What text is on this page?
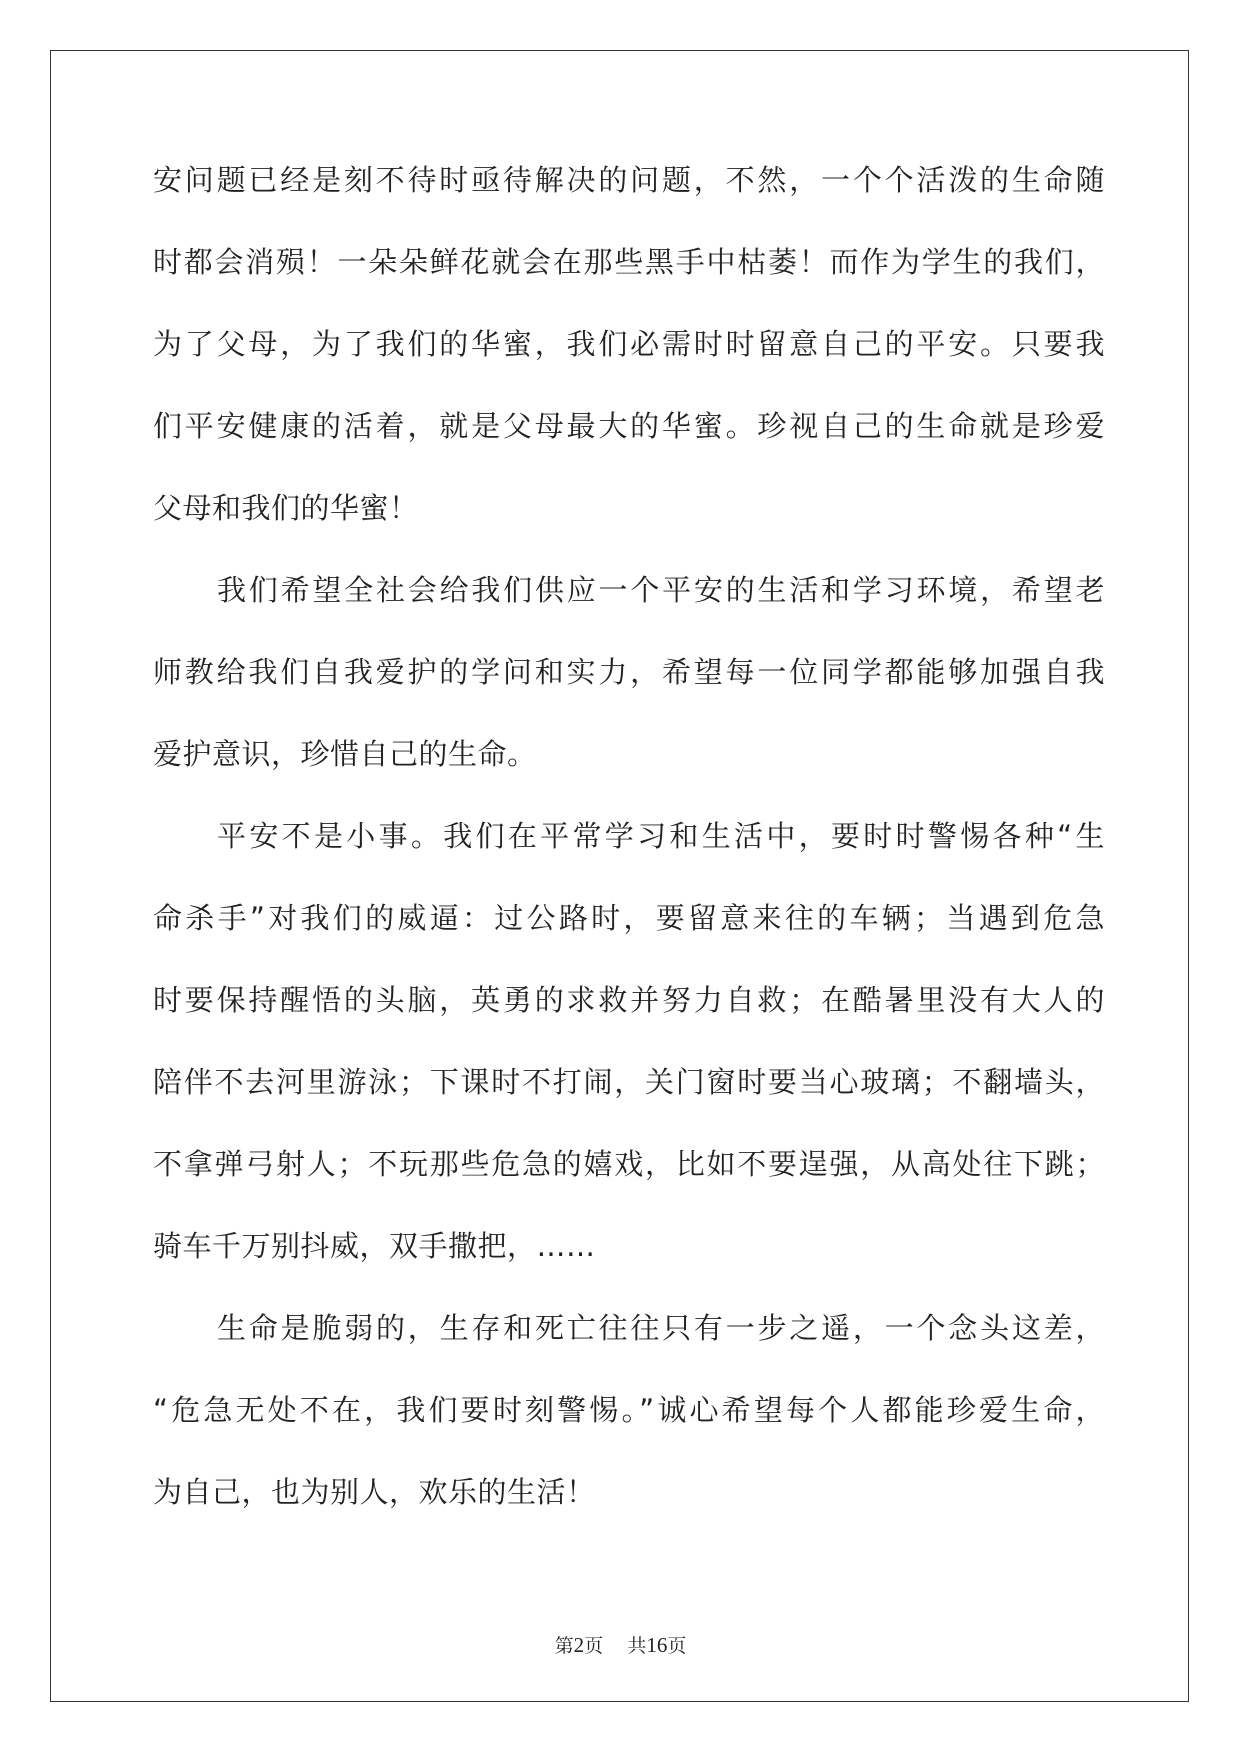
安问题已经是刻不待时亟待解决的问题，不然，一个个活泼的生命随
时都会消殒！一朵朵鲜花就会在那些黑手中枯萎！而作为学生的我们，
为了父母，为了我们的华蜜，我们必需时时留意自己的平安。只要我
们平安健康的活着，就是父母最大的华蜜。珍视自己的生命就是珍爱
父母和我们的华蜜！
我们希望全社会给我们供应一个平安的生活和学习环境，希望老
师教给我们自我爱护的学问和实力，希望每一位同学都能够加强自我
爱护意识，珍惜自己的生命。
平安不是小事。我们在平常学习和生活中，要时时警惕各种“生
命杀手”对我们的威逼：过公路时，要留意来往的车辆；当遇到危急
时要保持醒悟的头脑，英勇的求救并努力自救；在酷暑里没有大人的
陪伴不去河里游泳；下课时不打闹，关门窗时要当心玻璃；不翻墙头，
不拿弹弓射人；不玩那些危急的嬉戏，比如不要逞强，从高处往下跳；
骑车千万别抖威，双手撒把，……
生命是脆弱的，生存和死亡往往只有一步之遥，一个念头这差，
“危急无处不在，我们要时刻警惕。”诚心希望每个人都能珍爱生命，
为自己，也为别人，欢乐的生活！
第2页 共16页
